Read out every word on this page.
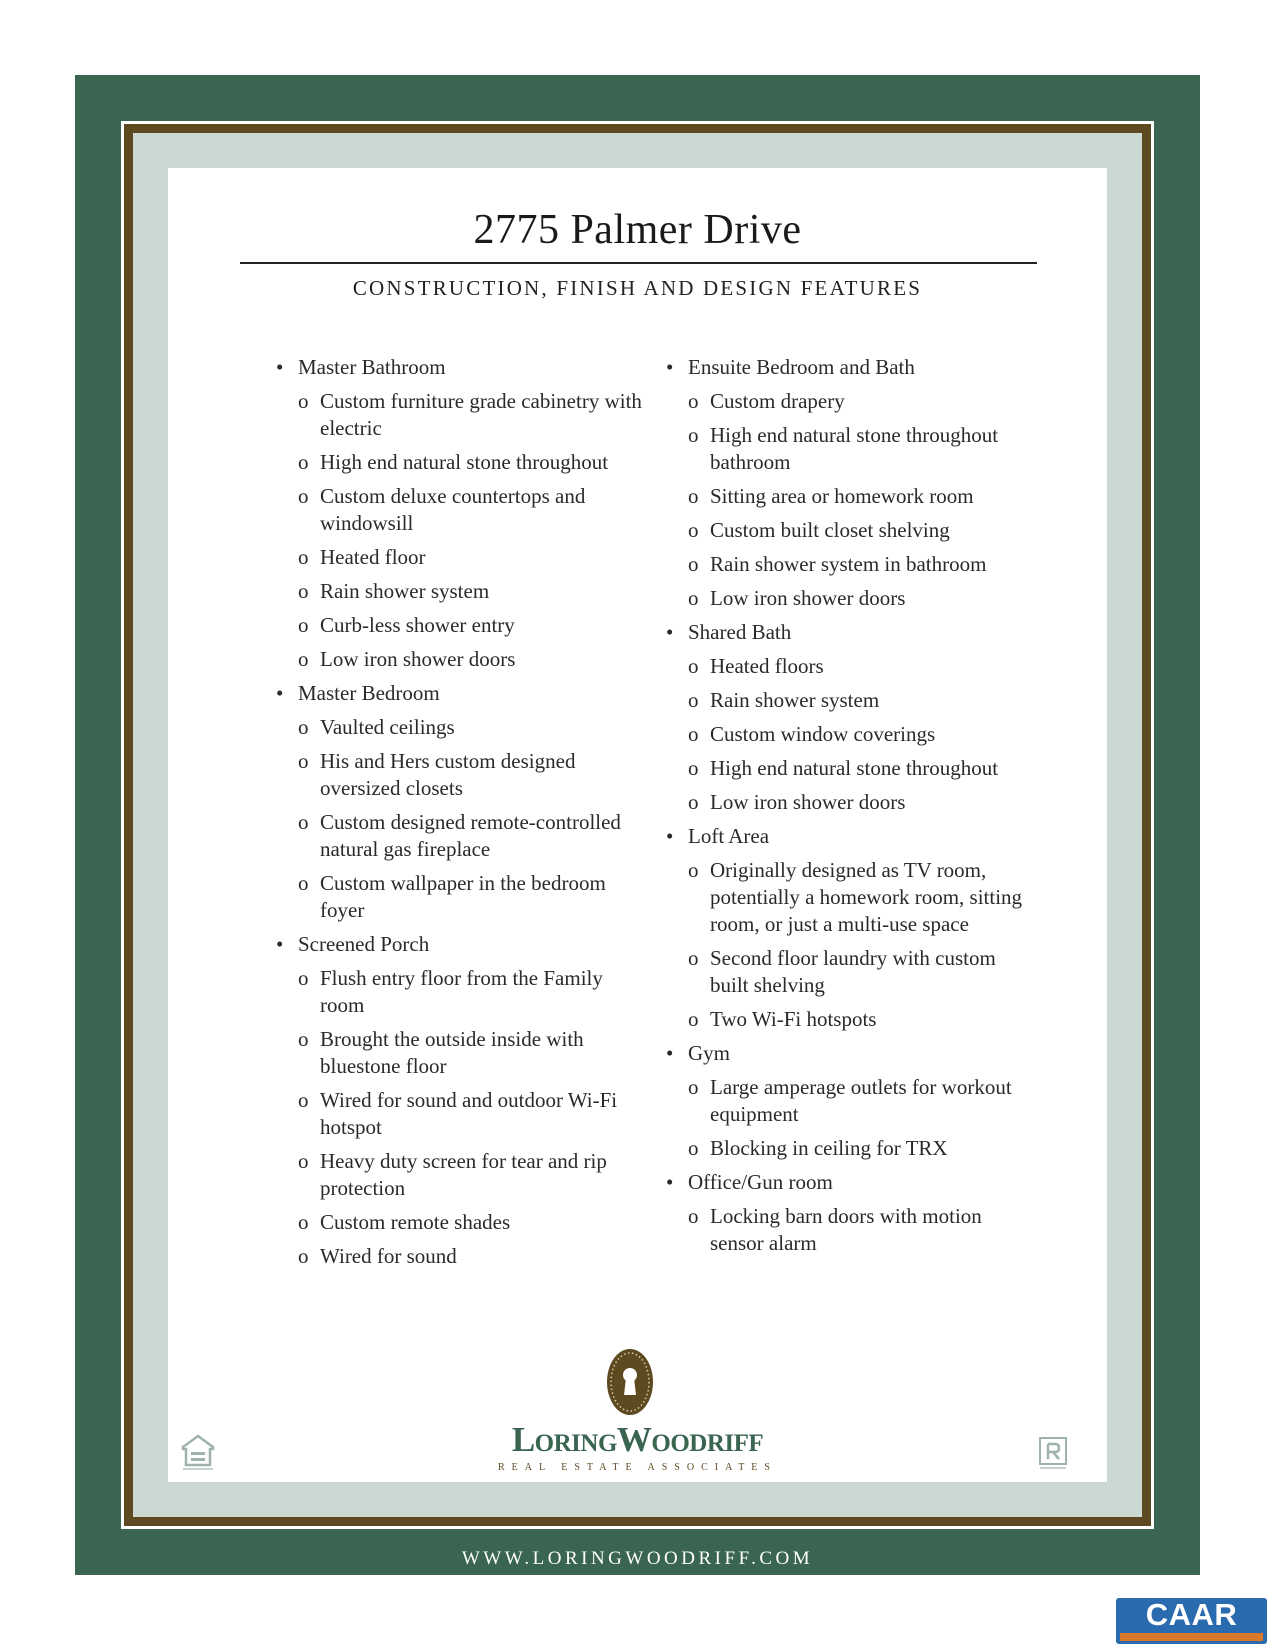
2775 Palmer Drive
CONSTRUCTION, FINISH AND DESIGN FEATURES
• Master Bathroom
o Custom furniture grade cabinetry with electric
o High end natural stone throughout
o Custom deluxe countertops and windowsill
o Heated floor
o Rain shower system
o Curb-less shower entry
o Low iron shower doors
• Master Bedroom
o Vaulted ceilings
o His and Hers custom designed oversized closets
o Custom designed remote-controlled natural gas fireplace
o Custom wallpaper in the bedroom foyer
• Screened Porch
o Flush entry floor from the Family room
o Brought the outside inside with bluestone floor
o Wired for sound and outdoor Wi-Fi hotspot
o Heavy duty screen for tear and rip protection
o Custom remote shades
o Wired for sound
• Ensuite Bedroom and Bath
o Custom drapery
o High end natural stone throughout bathroom
o Sitting area or homework room
o Custom built closet shelving
o Rain shower system in bathroom
o Low iron shower doors
• Shared Bath
o Heated floors
o Rain shower system
o Custom window coverings
o High end natural stone throughout
o Low iron shower doors
• Loft Area
o Originally designed as TV room, potentially a homework room, sitting room, or just a multi-use space
o Second floor laundry with custom built shelving
o Two Wi-Fi hotspots
• Gym
o Large amperage outlets for workout equipment
o Blocking in ceiling for TRX
• Office/Gun room
o Locking barn doors with motion sensor alarm
LoringWoodriff
REAL ESTATE ASSOCIATES
WWW.LORINGWOODRIFF.COM
CAAR
